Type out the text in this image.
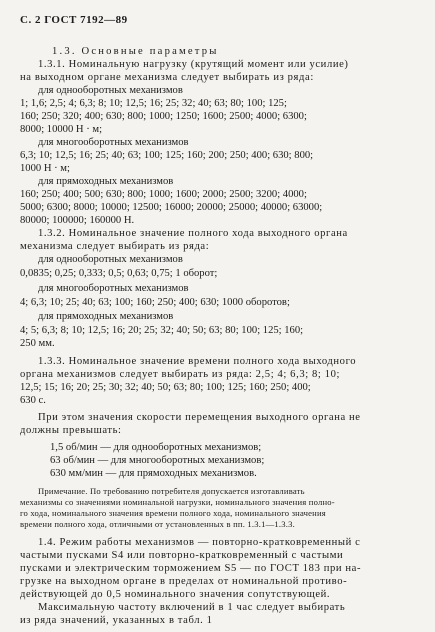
С. 2 ГОСТ 7192—89
1.3. Основные параметры
1.3.1. Номинальную нагрузку (крутящий момент или усилие)
на выходном органе механизма следует выбирать из ряда:
для однооборотных механизмов
1; 1,6; 2,5; 4; 6,3; 8; 10; 12,5; 16; 25; 32; 40; 63; 80; 100; 125;
160; 250; 320; 400; 630; 800; 1000; 1250; 1600; 2500; 4000; 6300;
8000; 10000 Н · м;
для многооборотных механизмов
6,3; 10; 12,5; 16; 25; 40; 63; 100; 125; 160; 200; 250; 400; 630; 800;
1000 Н · м;
для прямоходных механизмов
160; 250; 400; 500; 630; 800; 1000; 1600; 2000; 2500; 3200; 4000;
5000; 6300; 8000; 10000; 12500; 16000; 20000; 25000; 40000; 63000;
80000; 100000; 160000 Н.
1.3.2. Номинальное значение полного хода выходного органа
механизма следует выбирать из ряда:
для однооборотных механизмов
0,0835; 0,25; 0,333; 0,5; 0,63; 0,75; 1 оборот;
для многооборотных механизмов
4; 6,3; 10; 25; 40; 63; 100; 160; 250; 400; 630; 1000 оборотов;
для прямоходных механизмов
4; 5; 6,3; 8; 10; 12,5; 16; 20; 25; 32; 40; 50; 63; 80; 100; 125; 160;
250 мм.
1.3.3. Номинальное значение времени полного хода выходного
органа механизмов следует выбирать из ряда: 2,5; 4; 6,3; 8; 10;
12,5; 15; 16; 20; 25; 30; 32; 40; 50; 63; 80; 100; 125; 160; 250; 400;
630 с.
При этом значения скорости перемещения выходного органа не
должны превышать:
1,5 об/мин — для однооборотных механизмов;
63 об/мин — для многооборотных механизмов;
630 мм/мин — для прямоходных механизмов.
Примечание. По требованию потребителя допускается изготавливать
механизмы со значениями номинальной нагрузки, номинального значения полно-
го хода, номинального значения времени полного хода, номинального значения
времени полного хода, отличными от установленных в пп. 1.3.1—1.3.3.
1.4. Режим работы механизмов — повторно-кратковременный с
частыми пусками S4 или повторно-кратковременный с частыми
пусками и электрическим торможением S5 — по ГОСТ 183 при на-
грузке на выходном органе в пределах от номинальной противо-
действующей до 0,5 номинального значения сопутствующей.
Максимальную частоту включений в 1 час следует выбирать
из ряда значений, указанных в табл. 1
